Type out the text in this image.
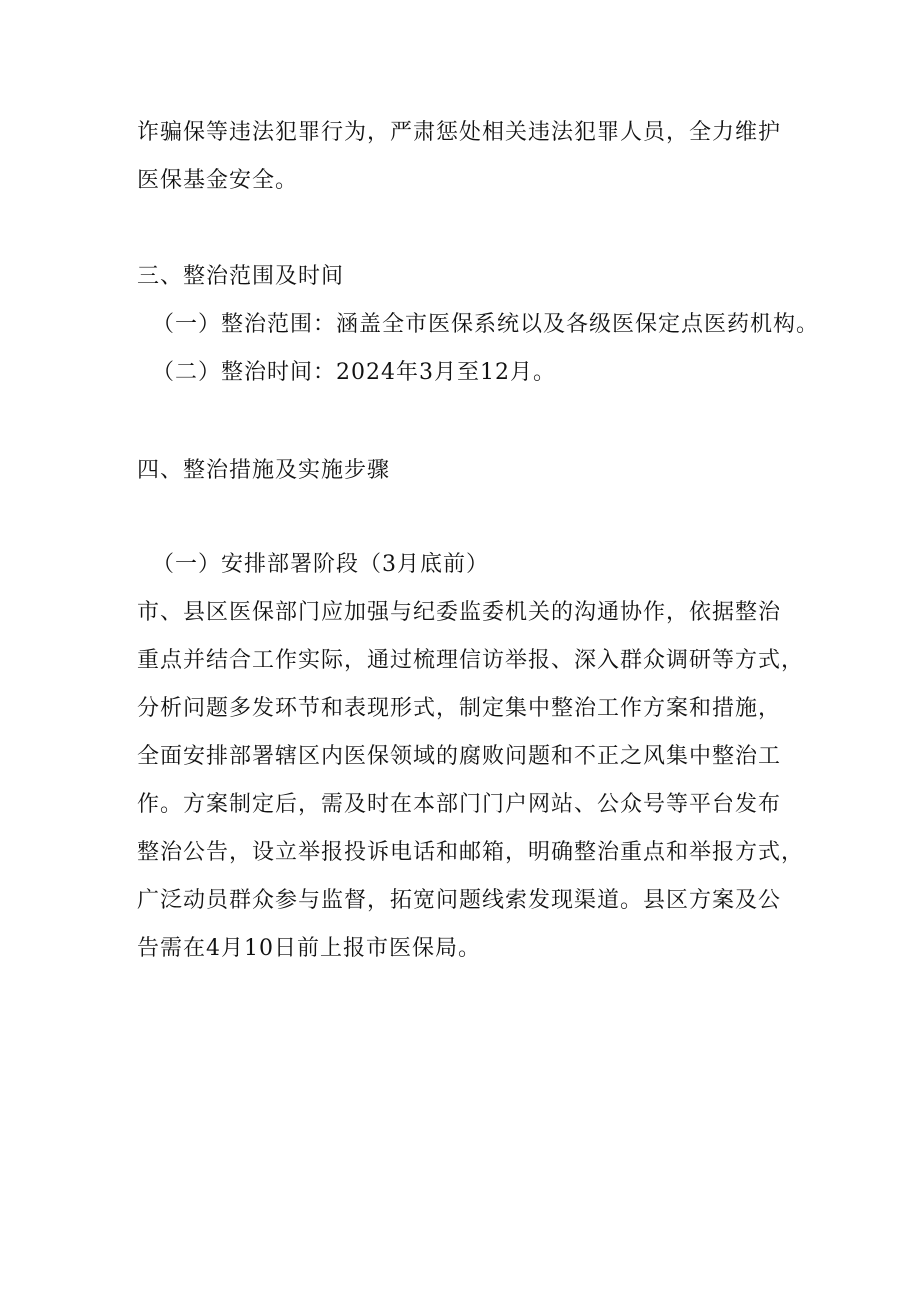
诈骗保等违法犯罪行为，严肃惩处相关违法犯罪人员，全力维护
医保基金安全。
三、整治范围及时间
（一）整治范围：涵盖全市医保系统以及各级医保定点医药机构。
（二）整治时间：2024年3月至12月。
四、整治措施及实施步骤
（一）安排部署阶段（3月底前）
市、县区医保部门应加强与纪委监委机关的沟通协作，依据整治
重点并结合工作实际，通过梳理信访举报、深入群众调研等方式，
分析问题多发环节和表现形式，制定集中整治工作方案和措施，
全面安排部署辖区内医保领域的腐败问题和不正之风集中整治工
作。方案制定后，需及时在本部门门户网站、公众号等平台发布
整治公告，设立举报投诉电话和邮箱，明确整治重点和举报方式，
广泛动员群众参与监督，拓宽问题线索发现渠道。县区方案及公
告需在4月10日前上报市医保局。
